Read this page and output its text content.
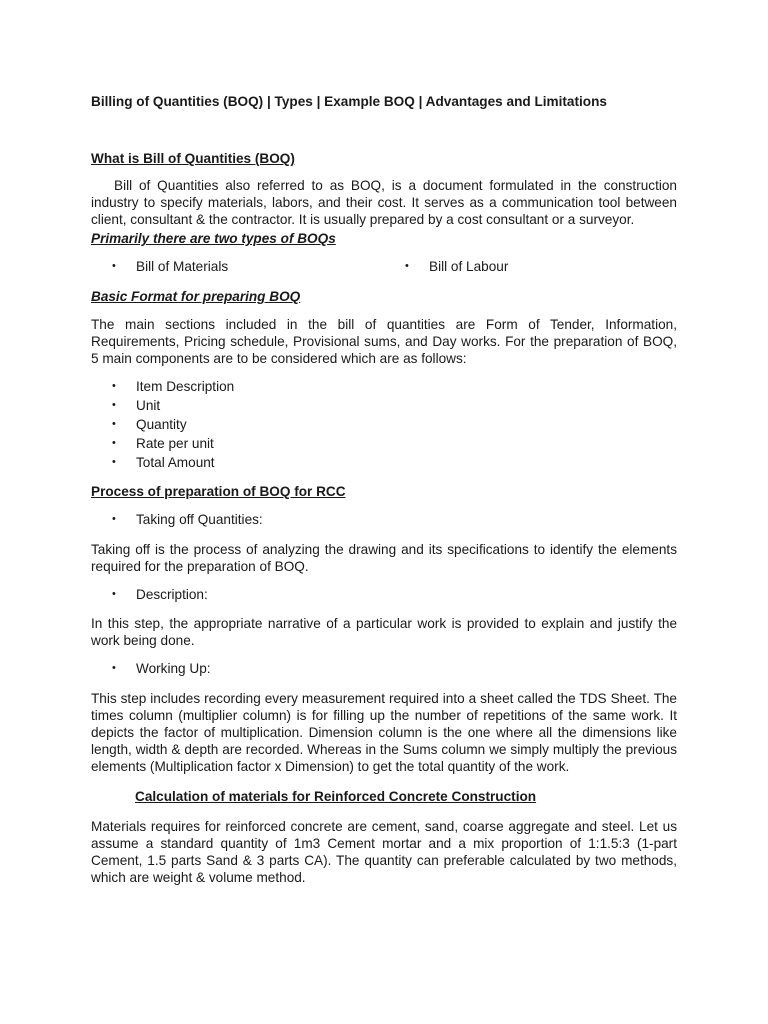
Billing of Quantities (BOQ) | Types | Example BOQ | Advantages and Limitations
What is Bill of Quantities (BOQ)
Bill of Quantities also referred to as BOQ, is a document formulated in the construction industry to specify materials, labors, and their cost. It serves as a communication tool between client, consultant & the contractor. It is usually prepared by a cost consultant or a surveyor.
Primarily there are two types of BOQs
• Bill of Materials	• Bill of Labour
Basic Format for preparing BOQ
The main sections included in the bill of quantities are Form of Tender, Information, Requirements, Pricing schedule, Provisional sums, and Day works. For the preparation of BOQ, 5 main components are to be considered which are as follows:
• Item Description
• Unit
• Quantity
• Rate per unit
• Total Amount
Process of preparation of BOQ for RCC
• Taking off Quantities:
Taking off is the process of analyzing the drawing and its specifications to identify the elements required for the preparation of BOQ.
• Description:
In this step, the appropriate narrative of a particular work is provided to explain and justify the work being done.
• Working Up:
This step includes recording every measurement required into a sheet called the TDS Sheet. The times column (multiplier column) is for filling up the number of repetitions of the same work. It depicts the factor of multiplication. Dimension column is the one where all the dimensions like length, width & depth are recorded. Whereas in the Sums column we simply multiply the previous elements (Multiplication factor x Dimension) to get the total quantity of the work.
Calculation of materials for Reinforced Concrete Construction
Materials requires for reinforced concrete are cement, sand, coarse aggregate and steel. Let us assume a standard quantity of 1m3 Cement mortar and a mix proportion of 1:1.5:3 (1-part Cement, 1.5 parts Sand & 3 parts CA). The quantity can preferable calculated by two methods, which are weight & volume method.
